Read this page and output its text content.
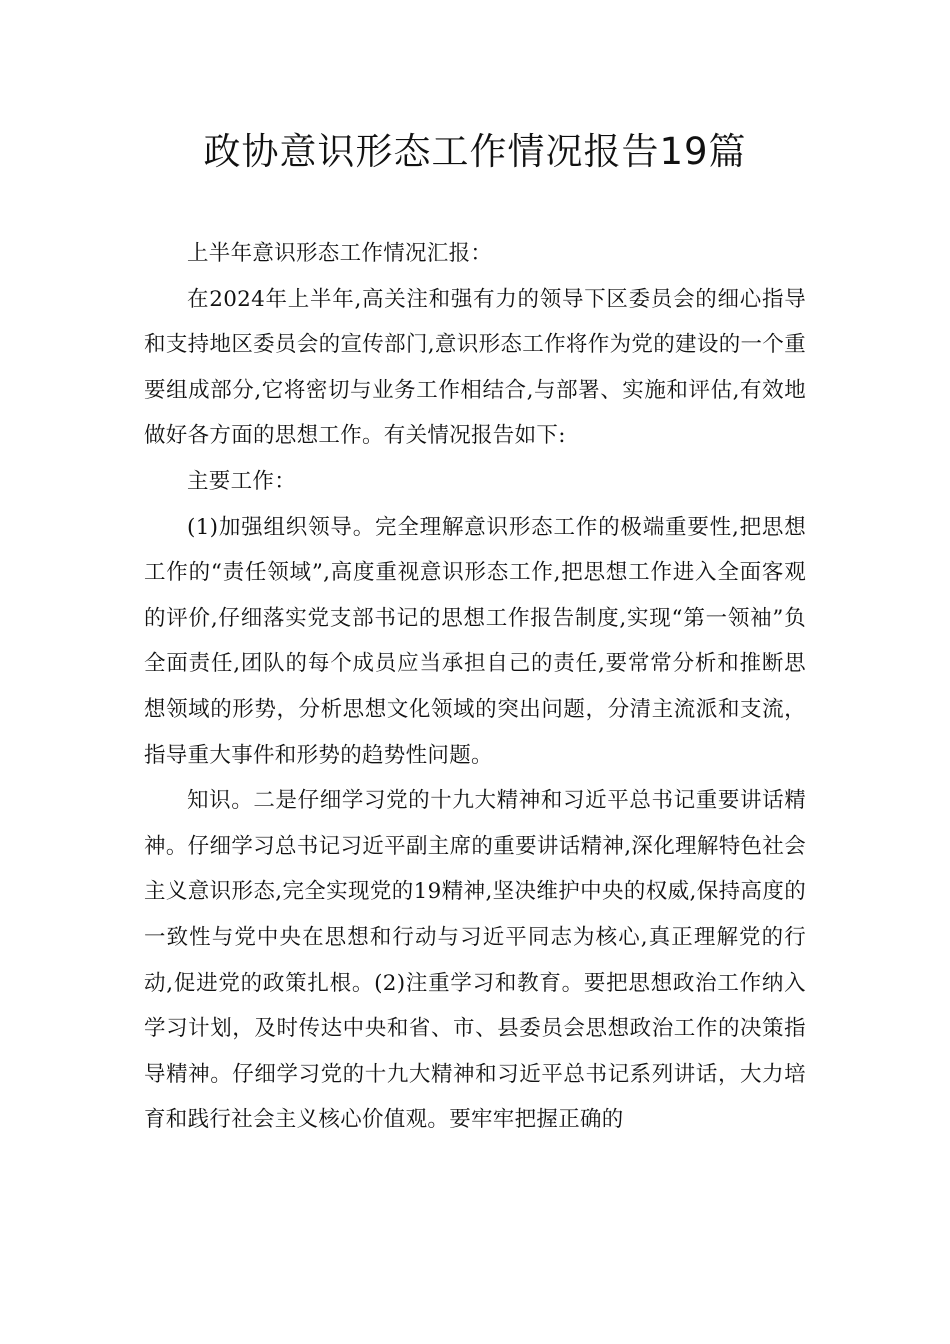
政协意识形态工作情况报告19篇

上半年意识形态工作情况汇报：

在2024年上半年,高关注和强有力的领导下区委员会的细心指导和支持地区委员会的宣传部门,意识形态工作将作为党的建设的一个重要组成部分,它将密切与业务工作相结合,与部署、实施和评估,有效地做好各方面的思想工作。有关情况报告如下:

主要工作：

(1)加强组织领导。完全理解意识形态工作的极端重要性,把思想工作的“责任领域”,高度重视意识形态工作,把思想工作进入全面客观的评价,仔细落实党支部书记的思想工作报告制度,实现“第一领袖”负全面责任,团队的每个成员应当承担自己的责任,要常常分析和推断思想领域的形势，分析思想文化领域的突出问题，分清主流派和支流，指导重大事件和形势的趋势性问题。

知识。二是仔细学习党的十九大精神和习近平总书记重要讲话精神。仔细学习总书记习近平副主席的重要讲话精神,深化理解特色社会主义意识形态,完全实现党的19精神,坚决维护中央的权威,保持高度的一致性与党中央在思想和行动与习近平同志为核心,真正理解党的行动,促进党的政策扎根。(2)注重学习和教育。要把思想政治工作纳入学习计划，及时传达中央和省、市、县委员会思想政治工作的决策指导精神。仔细学习党的十九大精神和习近平总书记系列讲话，大力培育和践行社会主义核心价值观。要牢牢把握正确的
